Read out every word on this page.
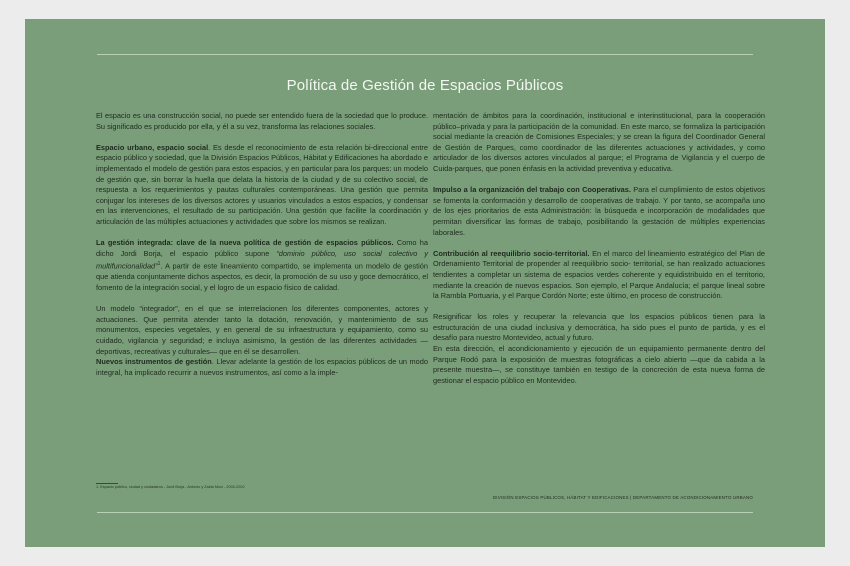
Política de Gestión de Espacios Públicos

El espacio es una construcción social, no puede ser entendido fuera de la sociedad que lo produce. Su significado es producido por ella, y él a su vez, transforma las relaciones sociales.

Espacio urbano, espacio social. Es desde el reconocimiento de esta relación bi-direccional entre espacio público y sociedad, que la División Espacios Públicos, Hábitat y Edificaciones ha abordado e implementado el modelo de gestión para estos espacios, y en particular para los parques: un modelo de gestión que, sin borrar la huella que delata la historia de la ciudad y de su colectivo social, de respuesta a los requerimientos y pautas culturales contemporáneas. Una gestión que permita conjugar los intereses de los diversos actores y usuarios vinculados a estos espacios, y condensar en las intervenciones, el resultado de su participación. Una gestión que facilite la coordinación y articulación de las múltiples actuaciones y actividades que sobre los mismos se realizan.

La gestión integrada: clave de la nueva política de gestión de espacios públicos. Como ha dicho Jordi Borja, el espacio público supone “dominio público, uso social colectivo y multifuncionalidad”$^1$. A partir de este lineamiento compartido, se implementa un modelo de gestión que atienda conjuntamente dichos aspectos, es decir, la promoción de su uso y goce democrático, el fomento de la integración social, y el logro de un espacio físico de calidad.

Un modelo “integrador”, en el que se interrelacionen los diferentes componentes, actores y actuaciones. Que permita atender tanto la dotación, renovación, y mantenimiento de sus monumentos, especies vegetales, y en general de su infraestructura y equipamiento, como su cuidado, vigilancia y seguridad; e incluya asimismo, la gestión de las diferentes actividades —deportivas, recreativas y culturales— que en él se desarrollen.

Nuevos instrumentos de gestión. Llevar adelante la gestión de los espacios públicos de un modo integral, ha implicado recurrir a nuevos instrumentos, así como a la imple-

mentación de ámbitos para la coordinación, institucional e interinstitucional, para la cooperación público–privada y para la participación de la comunidad. En este marco, se formaliza la participación social mediante la creación de Comisiones Especiales; y se crean la figura del Coordinador General de Gestión de Parques, como coordinador de las diferentes actuaciones y actividades, y como articulador de los diversos actores vinculados al parque; el Programa de Vigilancia y el cuerpo de Cuida-parques, que ponen énfasis en la actividad preventiva y educativa.

Impulso a la organización del trabajo con Cooperativas. Para el cumplimiento de estos objetivos se fomenta la conformación y desarrollo de cooperativas de trabajo. Y por tanto, se acompaña uno de los ejes prioritarios de esta Administración: la búsqueda e incorporación de modalidades que permitan diversificar las formas de trabajo, posibilitando la gestación de múltiples experiencias laborales.

Contribución al reequilibrio socio-territorial. En el marco del lineamiento estratégico del Plan de Ordenamiento Territorial de propender al reequilibrio socio- territorial, se han realizado actuaciones tendientes a completar un sistema de espacios verdes coherente y equidistribuido en el territorio, mediante la creación de nuevos espacios. Son ejemplo, el Parque Andalucía; el parque lineal sobre la Rambla Portuaria, y el Parque Cordón Norte; este último, en proceso de construcción.

Resignificar los roles y recuperar la relevancia que los espacios públicos tienen para la estructuración de una ciudad inclusiva y democrática, ha sido pues el punto de partida, y es el desafío para nuestro Montevideo, actual y futuro.

En esta dirección, el acondicionamiento y ejecución de un equipamiento permanente dentro del Parque Rodó para la exposición de muestras fotográficas a cielo abierto —que da cabida a la presente muestra—, se constituye también en testigo de la concreción de esta nueva forma de gestionar el espacio público en Montevideo.

1. Espacio público, ciudad y ciudadanía - Jordi Borja - Antonio y Zaida Muxí - 2000-2002
DIVISIÓN ESPACIOS PÚBLICOS, HÁBITAT Y EDIFICACIONES | DEPARTAMENTO DE ACONDICIONAMIENTO URBANO
